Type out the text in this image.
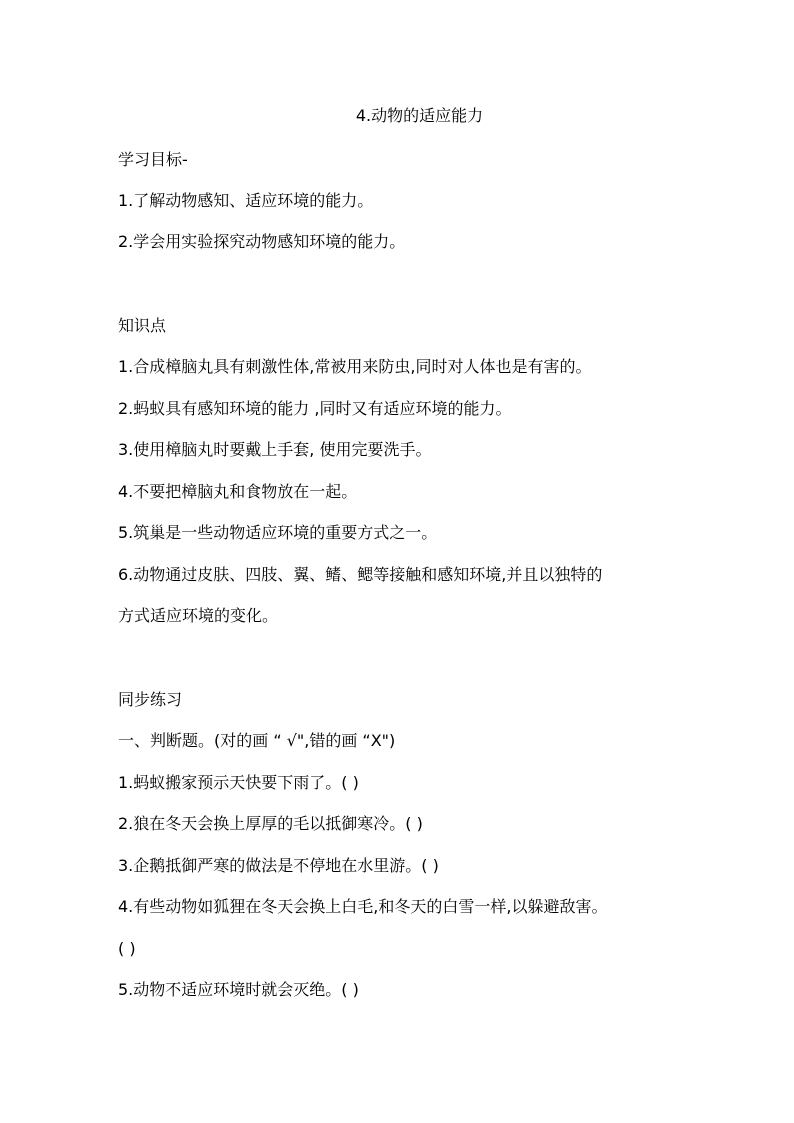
4.动物的适应能力
学习目标-
1.了解动物感知、适应环境的能力。
2.学会用实验探究动物感知环境的能力。
知识点
1.合成樟脑丸具有刺激性体,常被用来防虫,同时对人体也是有害的。
2.蚂蚁具有感知环境的能力 ,同时又有适应环境的能力。
3.使用樟脑丸时要戴上手套, 使用完要洗手。
4.不要把樟脑丸和食物放在一起。
5.筑巢是一些动物适应环境的重要方式之一。
6.动物通过皮肤、四肢、翼、鳍、鳃等接触和感知环境,并且以独特的
方式适应环境的变化。
同步练习
一、判断题。(对的画 “ √",错的画 “X")
1.蚂蚁搬家预示天快要下雨了。( )
2.狼在冬天会换上厚厚的毛以抵御寒冷。( )
3.企鹅抵御严寒的做法是不停地在水里游。( )
4.有些动物如狐狸在冬天会换上白毛,和冬天的白雪一样,以躲避敌害。
( )
5.动物不适应环境时就会灭绝。( )
